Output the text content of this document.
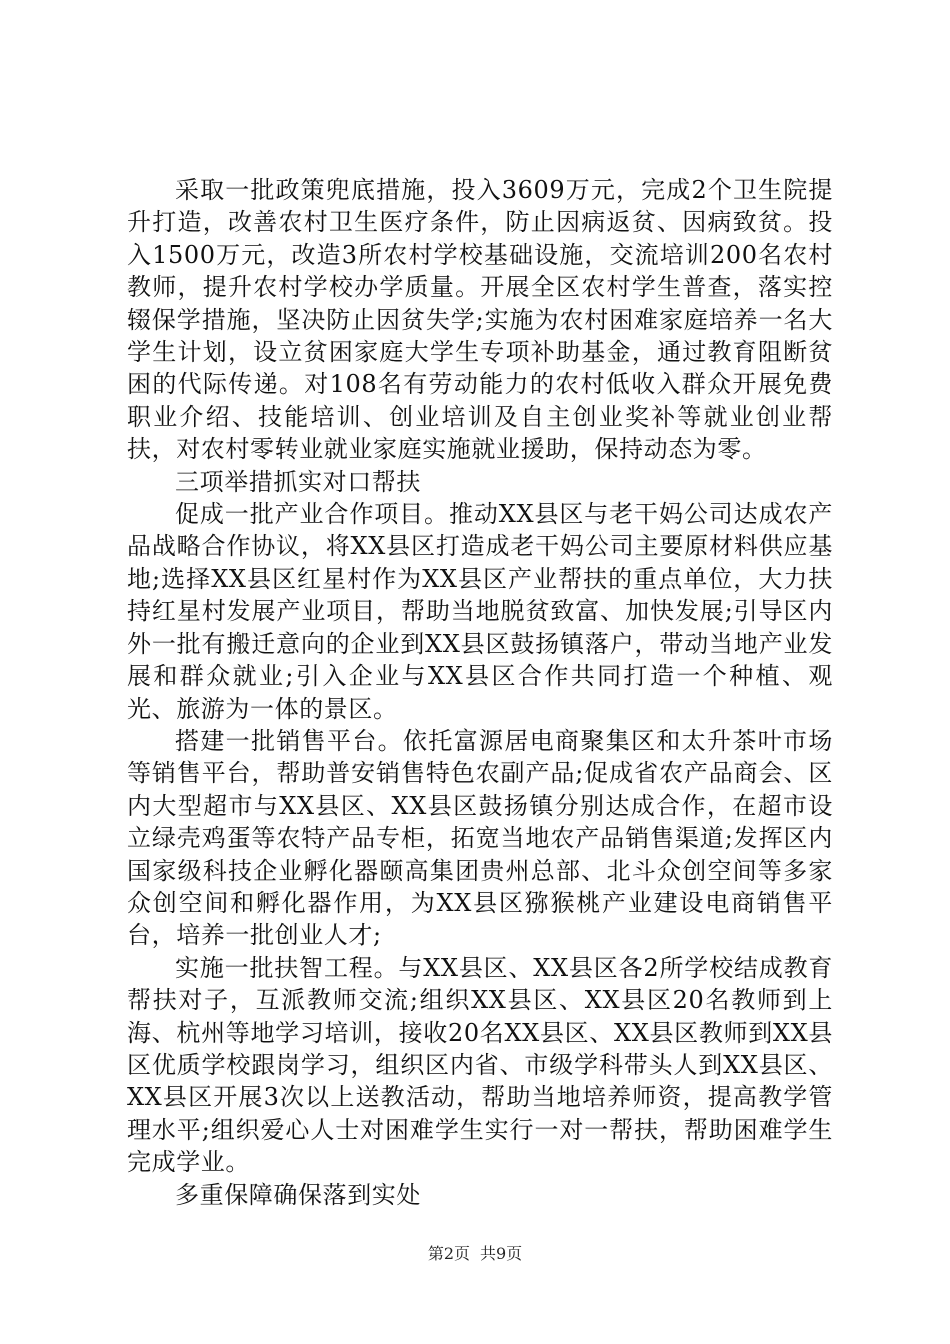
采取一批政策兜底措施，投入3609万元，完成2个卫生院提升打造，改善农村卫生医疗条件，防止因病返贫、因病致贫。投入1500万元，改造3所农村学校基础设施，交流培训200名农村教师，提升农村学校办学质量。开展全区农村学生普查，落实控辍保学措施，坚决防止因贫失学;实施为农村困难家庭培养一名大学生计划，设立贫困家庭大学生专项补助基金，通过教育阻断贫困的代际传递。对108名有劳动能力的农村低收入群众开展免费职业介绍、技能培训、创业培训及自主创业奖补等就业创业帮扶，对农村零转业就业家庭实施就业援助，保持动态为零。

三项举措抓实对口帮扶

促成一批产业合作项目。推动XX县区与老干妈公司达成农产品战略合作协议，将XX县区打造成老干妈公司主要原材料供应基地;选择XX县区红星村作为XX县区产业帮扶的重点单位，大力扶持红星村发展产业项目，帮助当地脱贫致富、加快发展;引导区内外一批有搬迁意向的企业到XX县区鼓扬镇落户，带动当地产业发展和群众就业;引入企业与XX县区合作共同打造一个种植、观光、旅游为一体的景区。

搭建一批销售平台。依托富源居电商聚集区和太升茶叶市场等销售平台，帮助普安销售特色农副产品;促成省农产品商会、区内大型超市与XX县区、XX县区鼓扬镇分别达成合作，在超市设立绿壳鸡蛋等农特产品专柜，拓宽当地农产品销售渠道;发挥区内国家级科技企业孵化器颐高集团贵州总部、北斗众创空间等多家众创空间和孵化器作用，为XX县区猕猴桃产业建设电商销售平台，培养一批创业人才;

实施一批扶智工程。与XX县区、XX县区各2所学校结成教育帮扶对子，互派教师交流;组织XX县区、XX县区20名教师到上海、杭州等地学习培训，接收20名XX县区、XX县区教师到XX县区优质学校跟岗学习，组织区内省、市级学科带头人到XX县区、XX县区开展3次以上送教活动，帮助当地培养师资，提高教学管理水平;组织爱心人士对困难学生实行一对一帮扶，帮助困难学生完成学业。

多重保障确保落到实处

第2页 共9页
